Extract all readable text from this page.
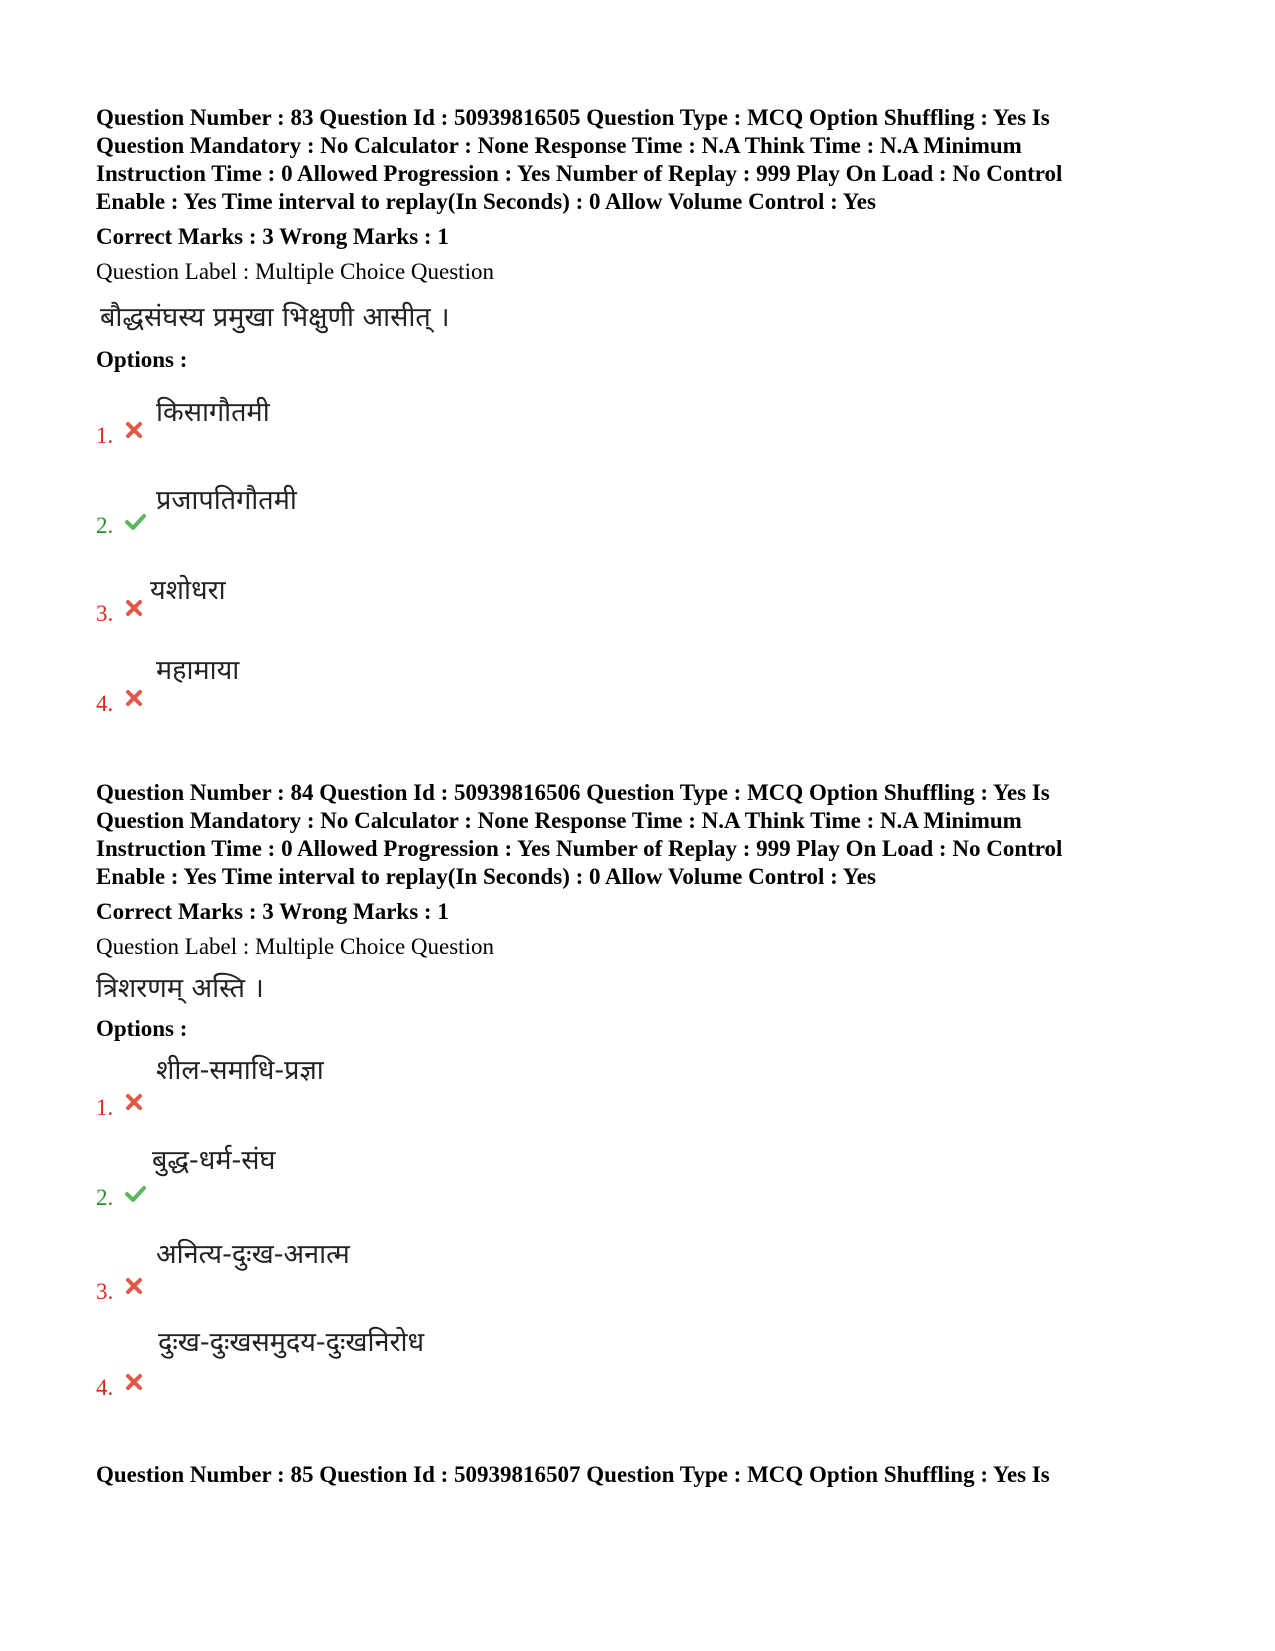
Question Number : 83 Question Id : 50939816505 Question Type : MCQ Option Shuffling : Yes Is
Question Mandatory : No Calculator : None Response Time : N.A Think Time : N.A Minimum
Instruction Time : 0 Allowed Progression : Yes Number of Replay : 999 Play On Load : No Control
Enable : Yes Time interval to replay(In Seconds) : 0 Allow Volume Control : Yes

Correct Marks : 3 Wrong Marks : 1

Question Label : Multiple Choice Question

बौद्धसंघस्य प्रमुखा भिक्षुणी आसीत् ।

Options :

1.
किसागौतमी
2.
प्रजापतिगौतमी
3.
यशोधरा
4.
महामाया

Question Number : 84 Question Id : 50939816506 Question Type : MCQ Option Shuffling : Yes Is
Question Mandatory : No Calculator : None Response Time : N.A Think Time : N.A Minimum
Instruction Time : 0 Allowed Progression : Yes Number of Replay : 999 Play On Load : No Control
Enable : Yes Time interval to replay(In Seconds) : 0 Allow Volume Control : Yes

Correct Marks : 3 Wrong Marks : 1

Question Label : Multiple Choice Question

त्रिशरणम् अस्ति ।

Options :

1.
शील-समाधि-प्रज्ञा
2.
बुद्ध-धर्म-संघ
3.
अनित्य-दुःख-अनात्म
4.
दुःख-दुःखसमुदय-दुःखनिरोध

Question Number : 85 Question Id : 50939816507 Question Type : MCQ Option Shuffling : Yes Is
